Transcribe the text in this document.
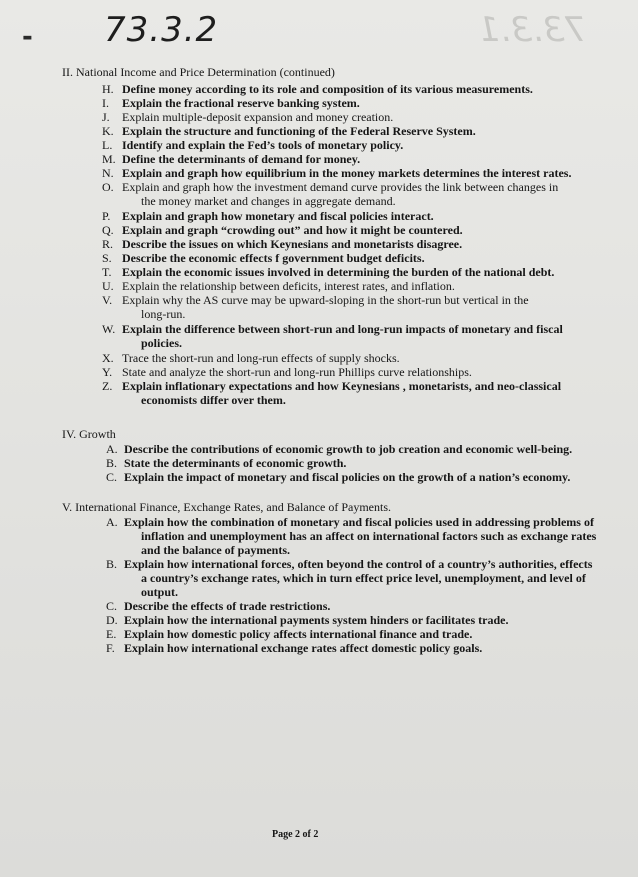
- 73.3.2	73.3.1
II. National Income and Price Determination (continued)
H. Define money according to its role and composition of its various measurements.
I. Explain the fractional reserve banking system.
J. Explain multiple-deposit expansion and money creation.
K. Explain the structure and functioning of the Federal Reserve System.
L. Identify and explain the Fed’s tools of monetary policy.
M. Define the determinants of demand for money.
N. Explain and graph how equilibrium in the money markets determines the interest rates.
O. Explain and graph how the investment demand curve provides the link between changes in
the money market and changes in aggregate demand.
P. Explain and graph how monetary and fiscal policies interact.
Q. Explain and graph “crowding out” and how it might be countered.
R. Describe the issues on which Keynesians and monetarists disagree.
S. Describe the economic effects f government budget deficits.
T. Explain the economic issues involved in determining the burden of the national debt.
U. Explain the relationship between deficits, interest rates, and inflation.
V. Explain why the AS curve may be upward-sloping in the short-run but vertical in the
long-run.
W. Explain the difference between short-run and long-run impacts of monetary and fiscal
policies.
X. Trace the short-run and long-run effects of supply shocks.
Y. State and analyze the short-run and long-run Phillips curve relationships.
Z. Explain inflationary expectations and how Keynesians , monetarists, and neo-classical
economists differ over them.
IV. Growth
A. Describe the contributions of economic growth to job creation and economic well-being.
B. State the determinants of economic growth.
C. Explain the impact of monetary and fiscal policies on the growth of a nation’s economy.
V. International Finance, Exchange Rates, and Balance of Payments.
A. Explain how the combination of monetary and fiscal policies used in addressing problems of
inflation and unemployment has an affect on international factors such as exchange rates
and the balance of payments.
B. Explain how international forces, often beyond the control of a country’s authorities, effects
a country’s exchange rates, which in turn effect price level, unemployment, and level of
output.
C. Describe the effects of trade restrictions.
D. Explain how the international payments system hinders or facilitates trade.
E. Explain how domestic policy affects international finance and trade.
F. Explain how international exchange rates affect domestic policy goals.
Page 2 of 2
